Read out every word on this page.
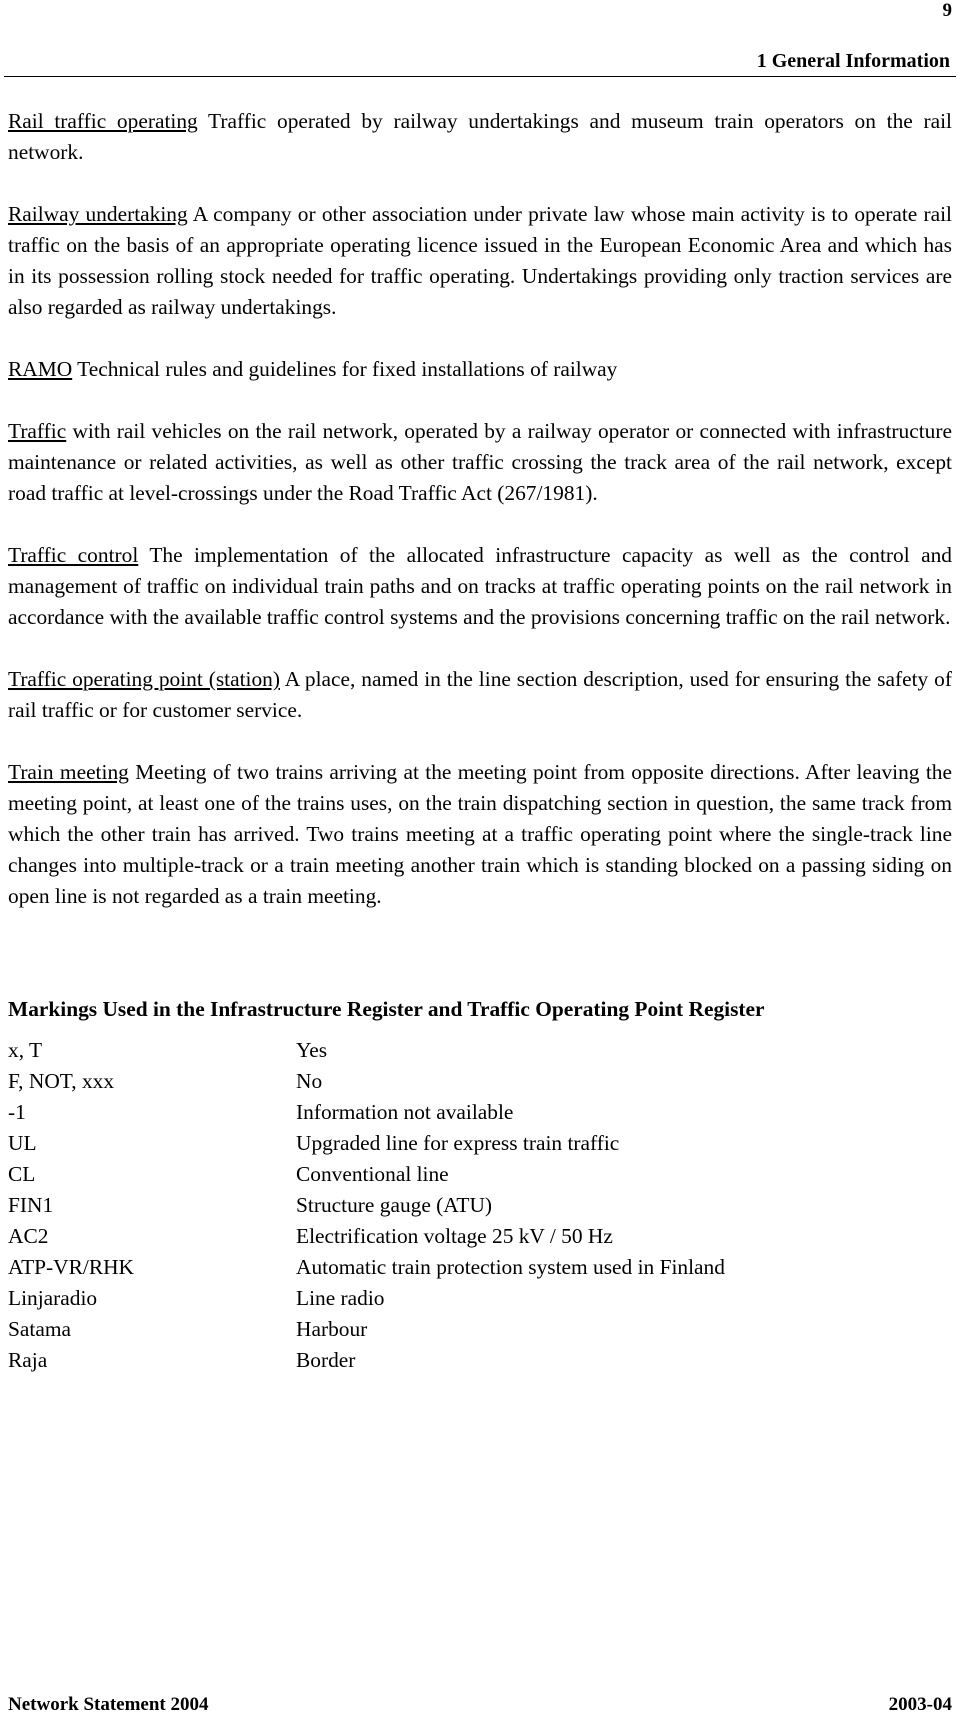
9
1 General Information

Rail traffic operating Traffic operated by railway undertakings and museum train operators on the rail network.

Railway undertaking A company or other association under private law whose main activity is to operate rail traffic on the basis of an appropriate operating licence issued in the European Economic Area and which has in its possession rolling stock needed for traffic operating. Undertakings providing only traction services are also regarded as railway undertakings.

RAMO Technical rules and guidelines for fixed installations of railway

Traffic with rail vehicles on the rail network, operated by a railway operator or connected with infrastructure maintenance or related activities, as well as other traffic crossing the track area of the rail network, except road traffic at level-crossings under the Road Traffic Act (267/1981).

Traffic control The implementation of the allocated infrastructure capacity as well as the control and management of traffic on individual train paths and on tracks at traffic operating points on the rail network in accordance with the available traffic control systems and the provisions concerning traffic on the rail network.

Traffic operating point (station) A place, named in the line section description, used for ensuring the safety of rail traffic or for customer service.

Train meeting Meeting of two trains arriving at the meeting point from opposite directions. After leaving the meeting point, at least one of the trains uses, on the train dispatching section in question, the same track from which the other train has arrived. Two trains meeting at a traffic operating point where the single-track line changes into multiple-track or a train meeting another train which is standing blocked on a passing siding on open line is not regarded as a train meeting.

Markings Used in the Infrastructure Register and Traffic Operating Point Register
x, T	Yes
F, NOT, xxx	No
-1	Information not available
UL	Upgraded line for express train traffic
CL	Conventional line
FIN1	Structure gauge (ATU)
AC2	Electrification voltage 25 kV / 50 Hz
ATP-VR/RHK	Automatic train protection system used in Finland
Linjaradio	Line radio
Satama	Harbour
Raja	Border
Network Statement 2004	2003-04
